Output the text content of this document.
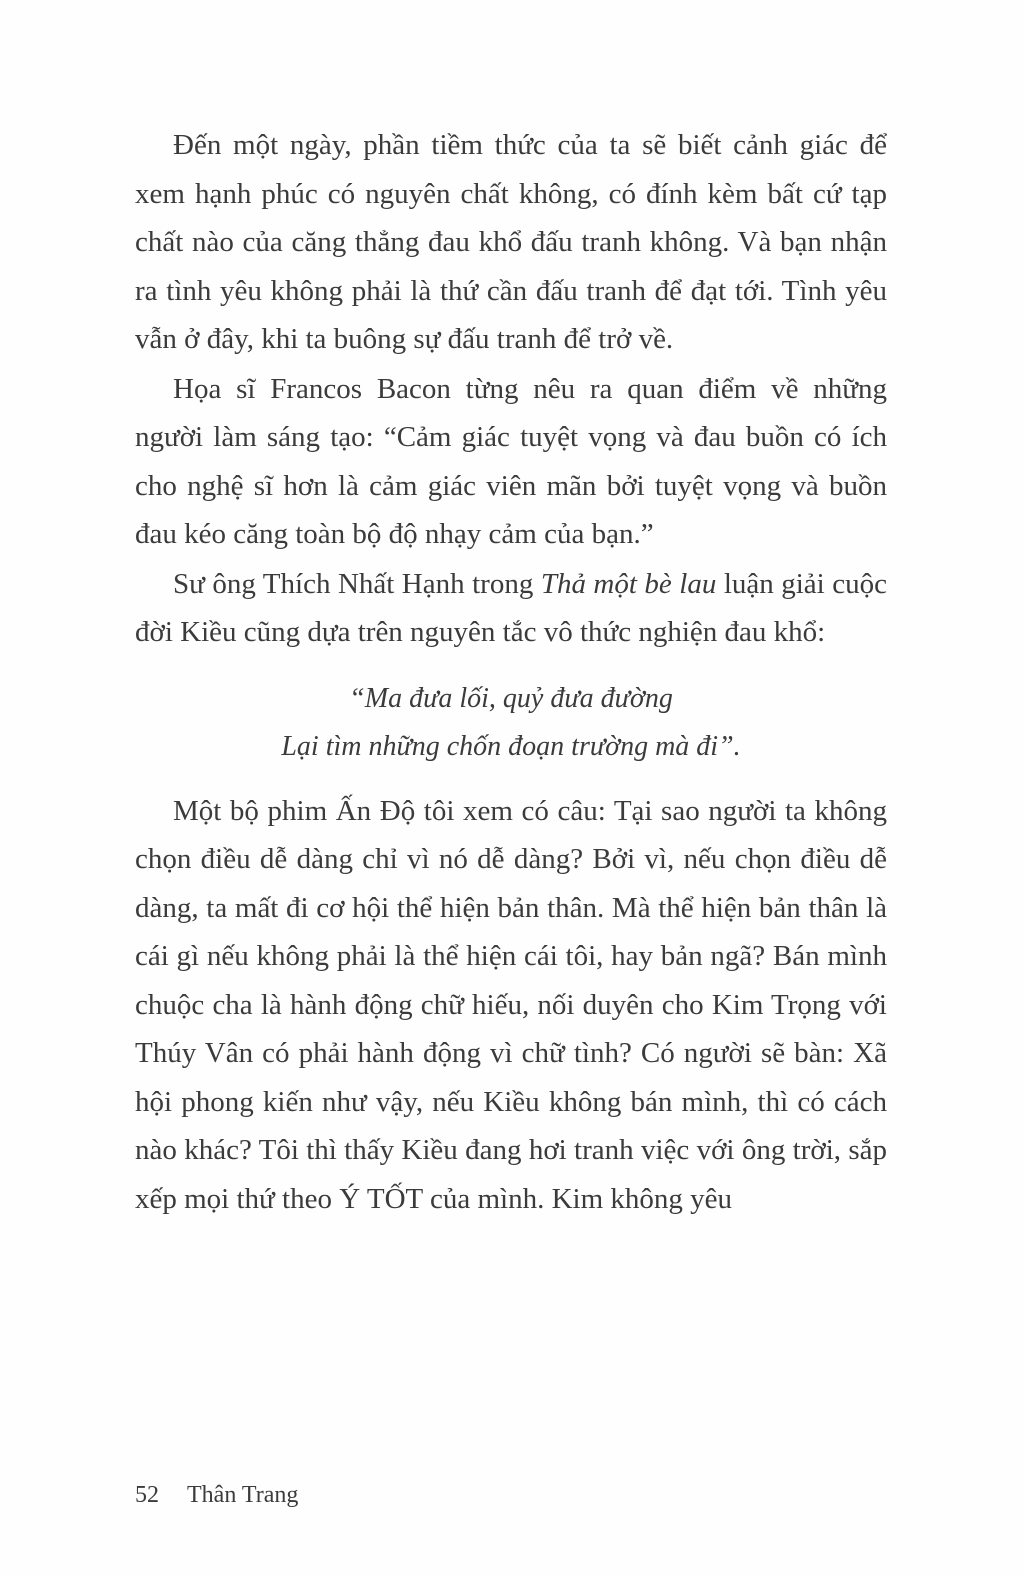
Đến một ngày, phần tiềm thức của ta sẽ biết cảnh giác để xem hạnh phúc có nguyên chất không, có đính kèm bất cứ tạp chất nào của căng thẳng đau khổ đấu tranh không. Và bạn nhận ra tình yêu không phải là thứ cần đấu tranh để đạt tới. Tình yêu vẫn ở đây, khi ta buông sự đấu tranh để trở về.

Họa sĩ Francos Bacon từng nêu ra quan điểm về những người làm sáng tạo: “Cảm giác tuyệt vọng và đau buồn có ích cho nghệ sĩ hơn là cảm giác viên mãn bởi tuyệt vọng và buồn đau kéo căng toàn bộ độ nhạy cảm của bạn.”

Sư ông Thích Nhất Hạnh trong Thả một bè lau luận giải cuộc đời Kiều cũng dựa trên nguyên tắc vô thức nghiện đau khổ:

“Ma đưa lối, quỷ đưa đường
Lại tìm những chốn đoạn trường mà đi”.

Một bộ phim Ấn Độ tôi xem có câu: Tại sao người ta không chọn điều dễ dàng chỉ vì nó dễ dàng? Bởi vì, nếu chọn điều dễ dàng, ta mất đi cơ hội thể hiện bản thân. Mà thể hiện bản thân là cái gì nếu không phải là thể hiện cái tôi, hay bản ngã? Bán mình chuộc cha là hành động chữ hiếu, nối duyên cho Kim Trọng với Thúy Vân có phải hành động vì chữ tình? Có người sẽ bàn: Xã hội phong kiến như vậy, nếu Kiều không bán mình, thì có cách nào khác? Tôi thì thấy Kiều đang hơi tranh việc với ông trời, sắp xếp mọi thứ theo Ý TỐT của mình. Kim không yêu

52 Thân Trang
